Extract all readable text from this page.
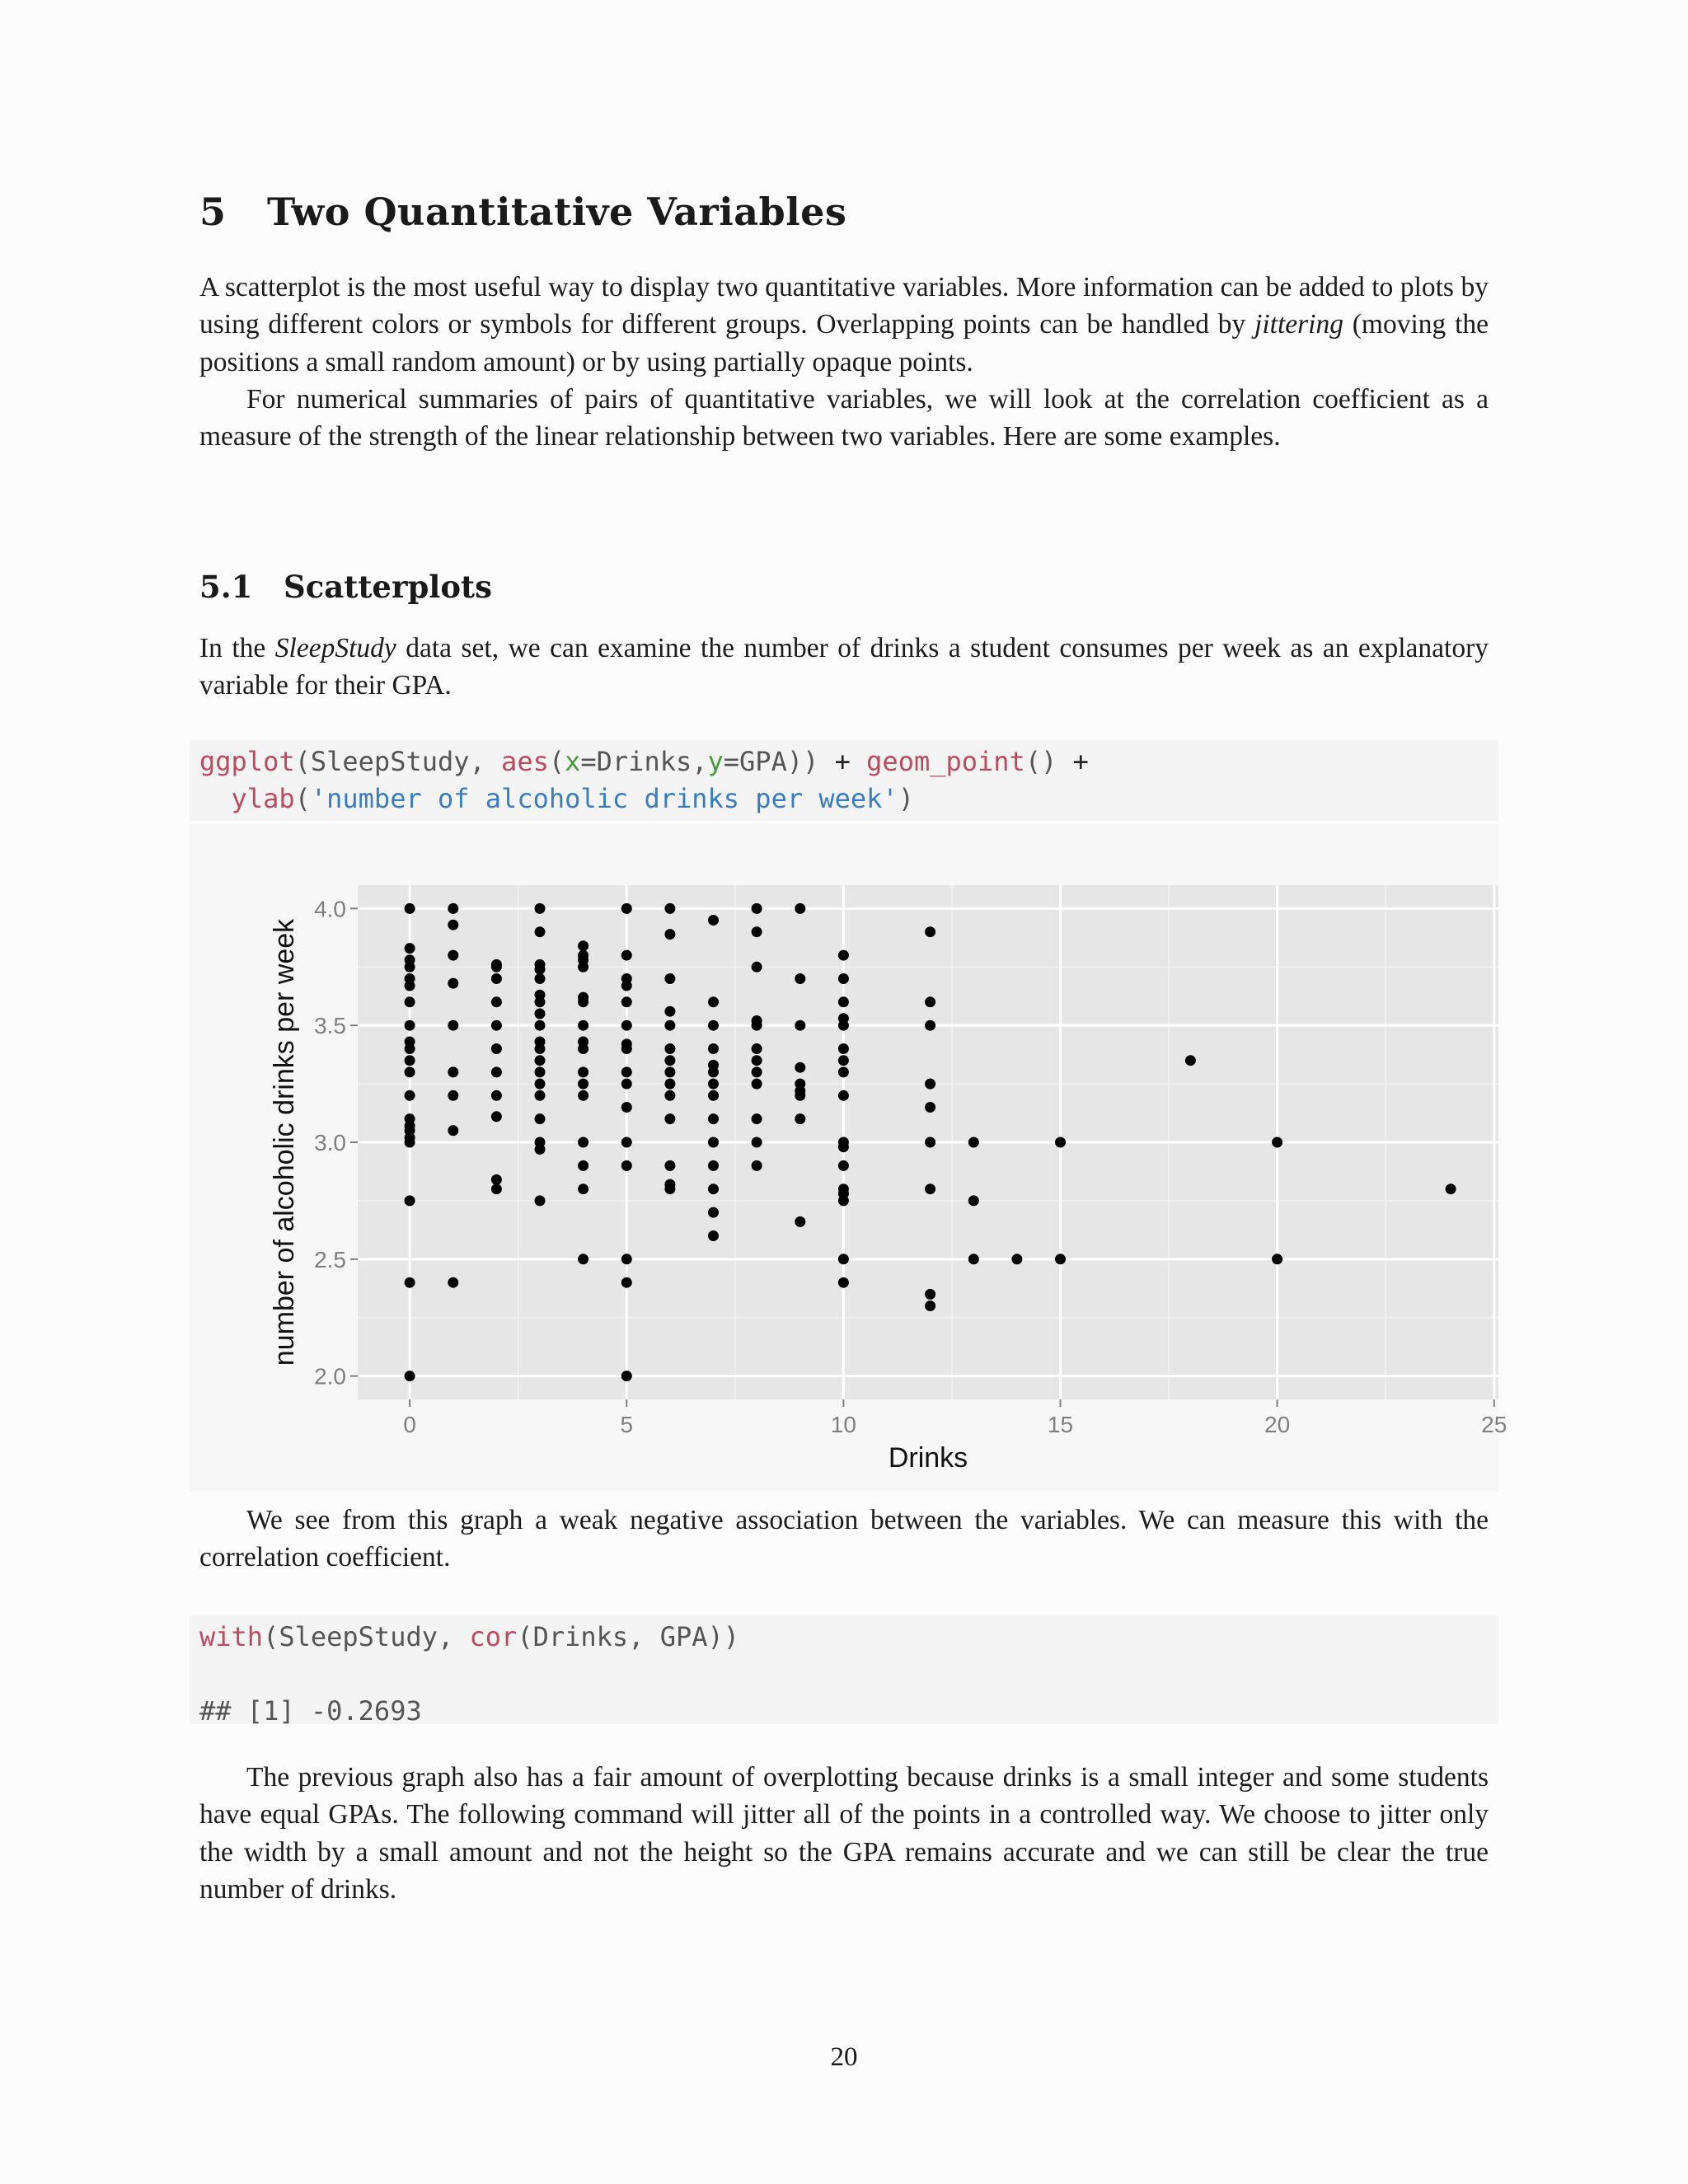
5 Two Quantitative Variables

A scatterplot is the most useful way to display two quantitative variables. More information can be added to plots by using different colors or symbols for different groups. Overlapping points can be handled by jittering (moving the positions a small random amount) or by using partially opaque points.

For numerical summaries of pairs of quantitative variables, we will look at the correlation coefficient as a measure of the strength of the linear relationship between two variables. Here are some examples.

5.1 Scatterplots

In the SleepStudy data set, we can examine the number of drinks a student consumes per week as an explanatory variable for their GPA.

ggplot(SleepStudy, aes(x=Drinks,y=GPA)) + geom_point() +
ylab('number of alcoholic drinks per week')
0	5	10	15	20	25
2.0
2.5
3.0
3.5
4.0
Drinks
number of alcoholic drinks per week

We see from this graph a weak negative association between the variables. We can measure this with the correlation coefficient.

with(SleepStudy, cor(Drinks, GPA))

## [1] -0.2693

The previous graph also has a fair amount of overplotting because drinks is a small integer and some students have equal GPAs. The following command will jitter all of the points in a controlled way. We choose to jitter only the width by a small amount and not the height so the GPA remains accurate and we can still be clear the true number of drinks.

20
